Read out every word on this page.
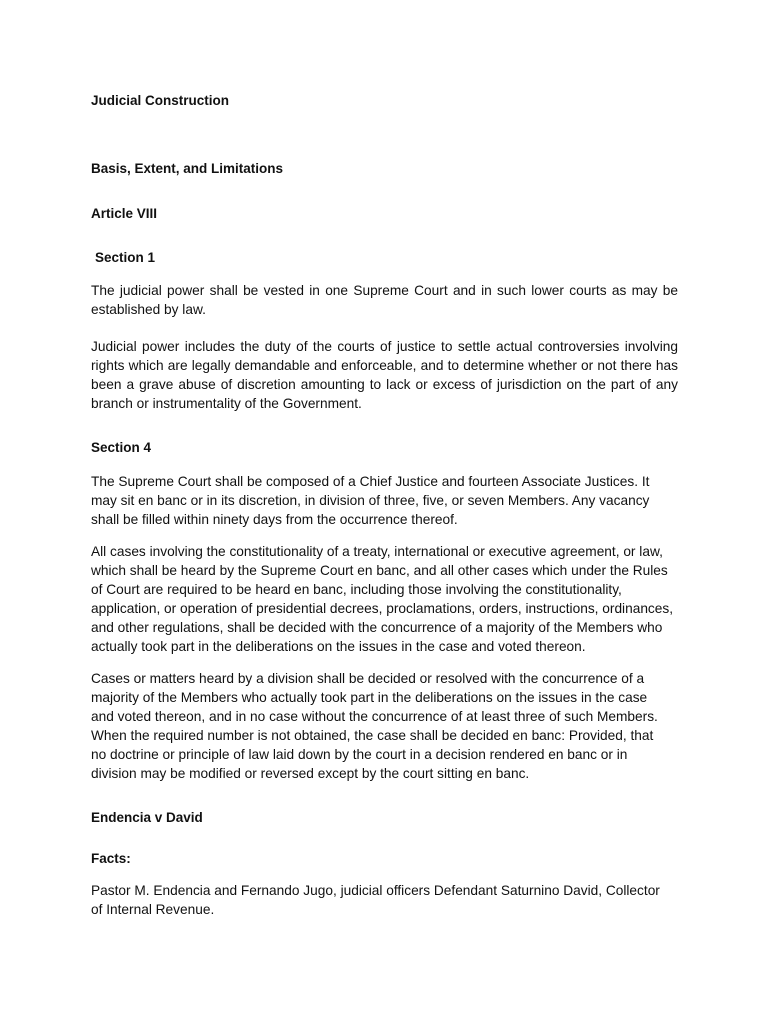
Judicial Construction
Basis, Extent, and Limitations
Article VIII
Section 1

The judicial power shall be vested in one Supreme Court and in such lower courts as may be established by law.

Judicial power includes the duty of the courts of justice to settle actual controversies involving rights which are legally demandable and enforceable, and to determine whether or not there has been a grave abuse of discretion amounting to lack or excess of jurisdiction on the part of any branch or instrumentality of the Government.

Section 4

The Supreme Court shall be composed of a Chief Justice and fourteen Associate Justices. It may sit en banc or in its discretion, in division of three, five, or seven Members. Any vacancy shall be filled within ninety days from the occurrence thereof.

All cases involving the constitutionality of a treaty, international or executive agreement, or law, which shall be heard by the Supreme Court en banc, and all other cases which under the Rules of Court are required to be heard en banc, including those involving the constitutionality, application, or operation of presidential decrees, proclamations, orders, instructions, ordinances, and other regulations, shall be decided with the concurrence of a majority of the Members who actually took part in the deliberations on the issues in the case and voted thereon.

Cases or matters heard by a division shall be decided or resolved with the concurrence of a majority of the Members who actually took part in the deliberations on the issues in the case and voted thereon, and in no case without the concurrence of at least three of such Members. When the required number is not obtained, the case shall be decided en banc: Provided, that no doctrine or principle of law laid down by the court in a decision rendered en banc or in division may be modified or reversed except by the court sitting en banc.

Endencia v David
Facts:

Pastor M. Endencia and Fernando Jugo, judicial officers Defendant Saturnino David, Collector of Internal Revenue.
